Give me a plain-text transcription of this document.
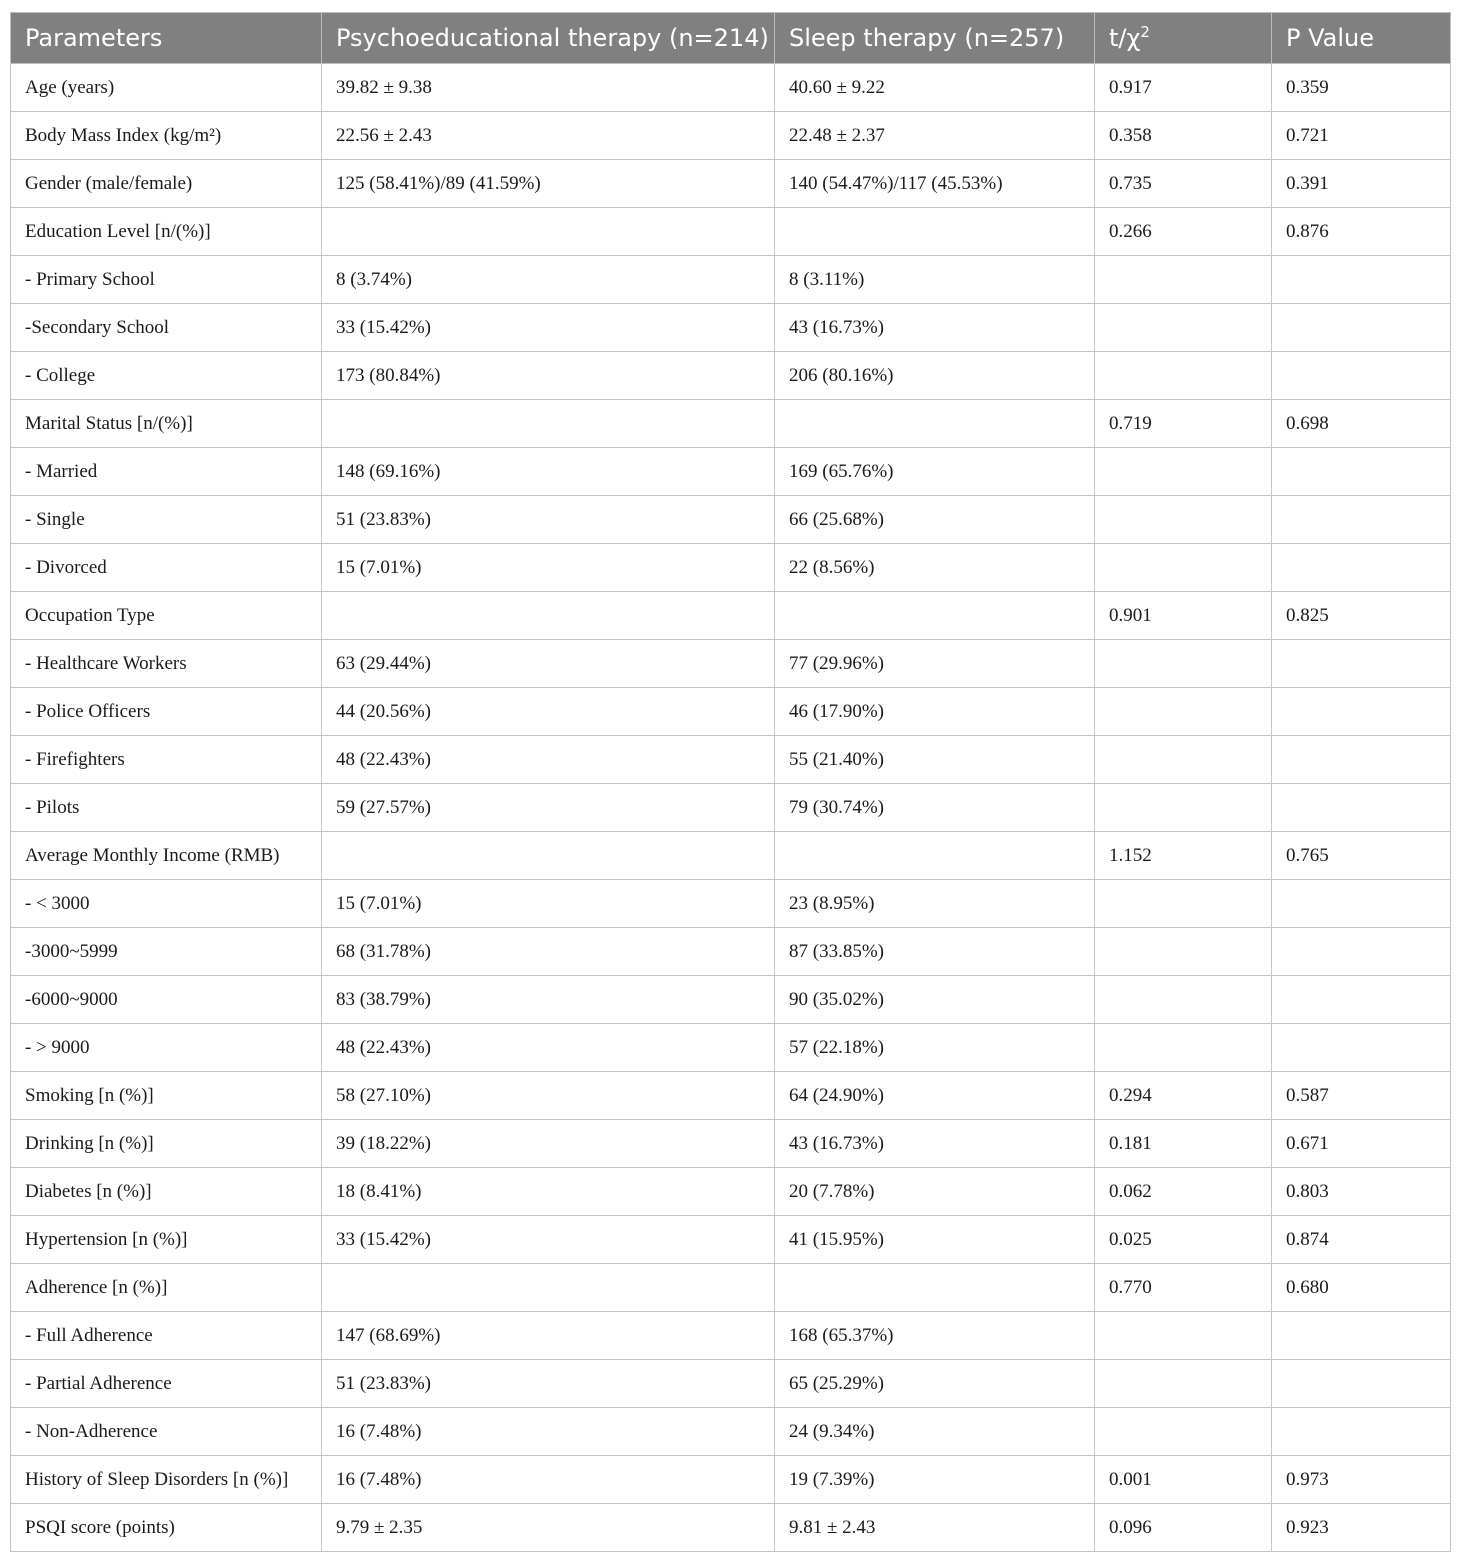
Parameters	Psychoeducational therapy (n=214)	Sleep therapy (n=257)	$t/\chi^2$	P Value
Age (years)	39.82 ± 9.38	40.60 ± 9.22	0.917	0.359
Body Mass Index (kg/m²)	22.56 ± 2.43	22.48 ± 2.37	0.358	0.721
Gender (male/female)	125 (58.41%)/89 (41.59%)	140 (54.47%)/117 (45.53%)	0.735	0.391
Education Level [n/(%)]			0.266	0.876
- Primary School	8 (3.74%)	8 (3.11%)		
-Secondary School	33 (15.42%)	43 (16.73%)		
- College	173 (80.84%)	206 (80.16%)		
Marital Status [n/(%)]			0.719	0.698
- Married	148 (69.16%)	169 (65.76%)		
- Single	51 (23.83%)	66 (25.68%)		
- Divorced	15 (7.01%)	22 (8.56%)		
Occupation Type			0.901	0.825
- Healthcare Workers	63 (29.44%)	77 (29.96%)		
- Police Officers	44 (20.56%)	46 (17.90%)		
- Firefighters	48 (22.43%)	55 (21.40%)		
- Pilots	59 (27.57%)	79 (30.74%)		
Average Monthly Income (RMB)			1.152	0.765
- < 3000	15 (7.01%)	23 (8.95%)		
-3000~5999	68 (31.78%)	87 (33.85%)		
-6000~9000	83 (38.79%)	90 (35.02%)		
- > 9000	48 (22.43%)	57 (22.18%)		
Smoking [n (%)]	58 (27.10%)	64 (24.90%)	0.294	0.587
Drinking [n (%)]	39 (18.22%)	43 (16.73%)	0.181	0.671
Diabetes [n (%)]	18 (8.41%)	20 (7.78%)	0.062	0.803
Hypertension [n (%)]	33 (15.42%)	41 (15.95%)	0.025	0.874
Adherence [n (%)]			0.770	0.680
- Full Adherence	147 (68.69%)	168 (65.37%)		
- Partial Adherence	51 (23.83%)	65 (25.29%)		
- Non-Adherence	16 (7.48%)	24 (9.34%)		
History of Sleep Disorders [n (%)]	16 (7.48%)	19 (7.39%)	0.001	0.973
PSQI score (points)	9.79 ± 2.35	9.81 ± 2.43	0.096	0.923
